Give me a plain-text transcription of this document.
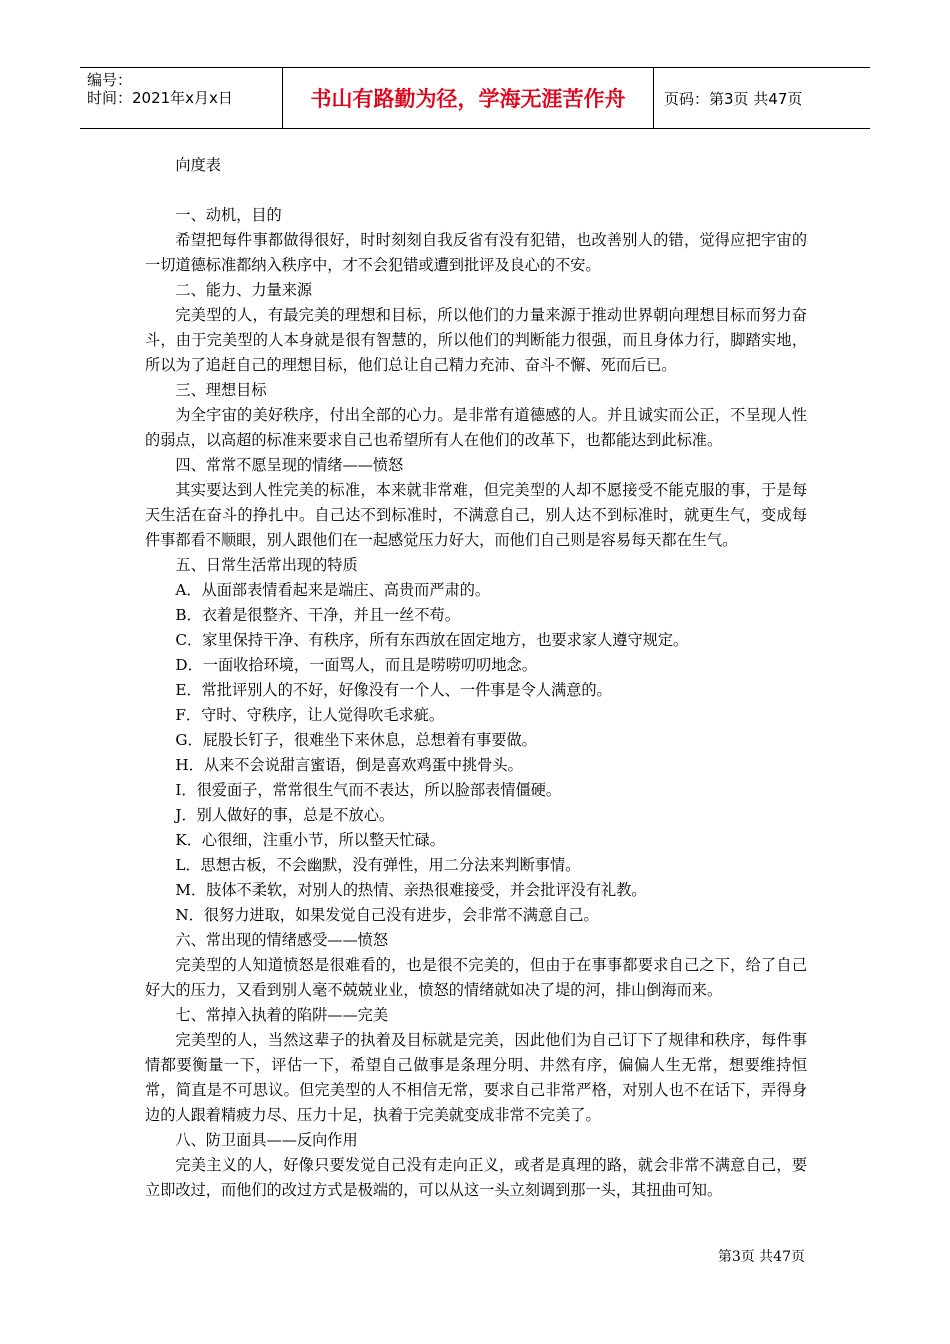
编号：
时间：2021年x月x日	书山有路勤为径，学海无涯苦作舟	页码：第3页 共47页

向度表

一、动机，目的

希望把每件事都做得很好，时时刻刻自我反省有没有犯错，也改善别人的错，觉得应把宇宙的一切道德标准都纳入秩序中，才不会犯错或遭到批评及良心的不安。

二、能力、力量来源

完美型的人，有最完美的理想和目标，所以他们的力量来源于推动世界朝向理想目标而努力奋斗，由于完美型的人本身就是很有智慧的，所以他们的判断能力很强，而且身体力行，脚踏实地，所以为了追赶自己的理想目标，他们总让自己精力充沛、奋斗不懈、死而后已。

三、理想目标

为全宇宙的美好秩序，付出全部的心力。是非常有道德感的人。并且诚实而公正，不呈现人性的弱点，以高超的标准来要求自己也希望所有人在他们的改革下，也都能达到此标准。

四、常常不愿呈现的情绪——愤怒

其实要达到人性完美的标准，本来就非常难，但完美型的人却不愿接受不能克服的事，于是每天生活在奋斗的挣扎中。自己达不到标准时，不满意自己，别人达不到标准时，就更生气，变成每件事都看不顺眼，别人跟他们在一起感觉压力好大，而他们自己则是容易每天都在生气。

五、日常生活常出现的特质

A．从面部表情看起来是端庄、高贵而严肃的。

B．衣着是很整齐、干净，并且一丝不苟。

C．家里保持干净、有秩序，所有东西放在固定地方，也要求家人遵守规定。

D．一面收拾环境，一面骂人，而且是唠唠叨叨地念。

E．常批评别人的不好，好像没有一个人、一件事是令人满意的。

F．守时、守秩序，让人觉得吹毛求疵。

G．屁股长钉子，很难坐下来休息，总想着有事要做。

H．从来不会说甜言蜜语，倒是喜欢鸡蛋中挑骨头。

I．很爱面子，常常很生气而不表达，所以脸部表情僵硬。

J．别人做好的事，总是不放心。

K．心很细，注重小节，所以整天忙碌。

L．思想古板，不会幽默，没有弹性，用二分法来判断事情。

M．肢体不柔软，对别人的热情、亲热很难接受，并会批评没有礼教。

N．很努力进取，如果发觉自己没有进步，会非常不满意自己。

六、常出现的情绪感受——愤怒

完美型的人知道愤怒是很难看的，也是很不完美的，但由于在事事都要求自己之下，给了自己好大的压力，又看到别人毫不兢兢业业，愤怒的情绪就如决了堤的河，排山倒海而来。

七、常掉入执着的陷阱——完美

完美型的人，当然这辈子的执着及目标就是完美，因此他们为自己订下了规律和秩序，每件事情都要衡量一下，评估一下，希望自己做事是条理分明、井然有序，偏偏人生无常，想要维持恒常，简直是不可思议。但完美型的人不相信无常，要求自己非常严格，对别人也不在话下，弄得身边的人跟着精疲力尽、压力十足，执着于完美就变成非常不完美了。

八、防卫面具——反向作用

完美主义的人，好像只要发觉自己没有走向正义，或者是真理的路，就会非常不满意自己，要立即改过，而他们的改过方式是极端的，可以从这一头立刻调到那一头，其扭曲可知。

第3页 共47页
